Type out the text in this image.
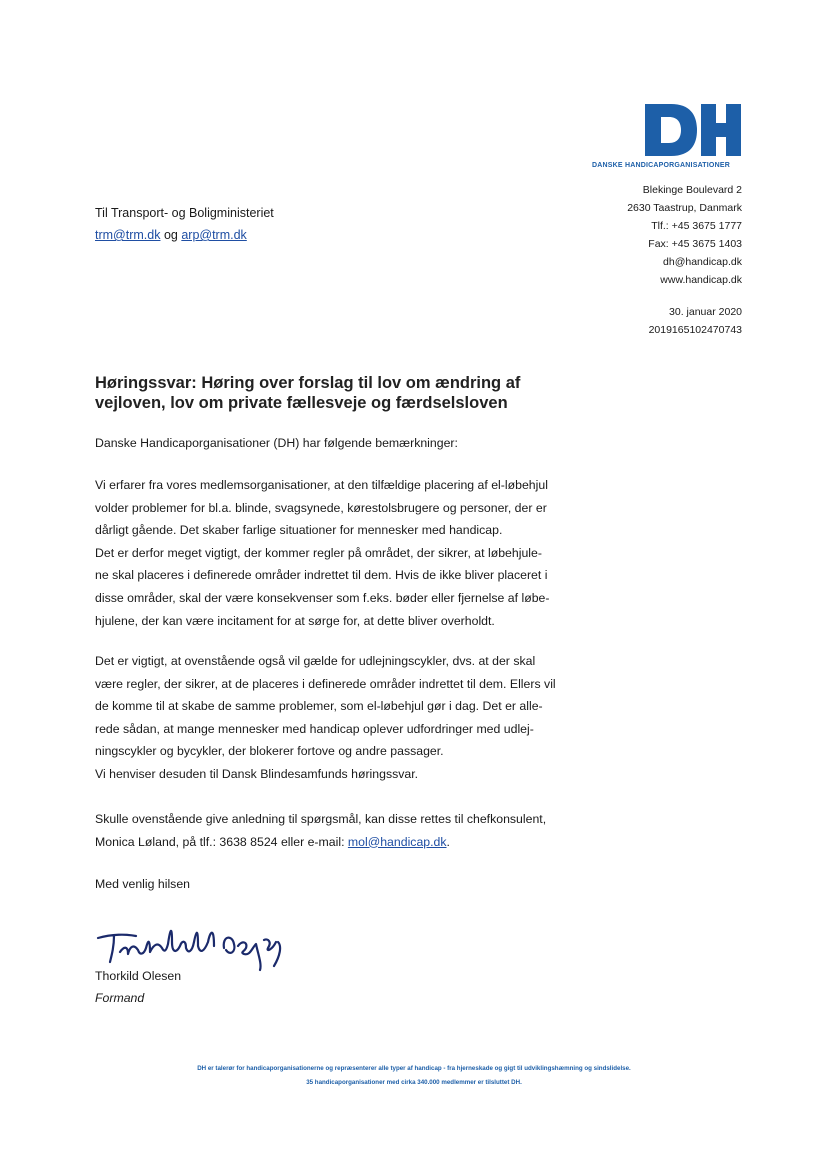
DANSKE HANDICAPORGANISATIONER
Blekinge Boulevard 2
2630 Taastrup, Danmark
Tlf.: +45 3675 1777
Fax: +45 3675 1403
dh@handicap.dk
www.handicap.dk
30. januar 2020
2019165102470743
Til Transport- og Boligministeriet
trm@trm.dk og arp@trm.dk
Høringssvar: Høring over forslag til lov om ændring af vejloven, lov om private fællesveje og færdselsloven
Danske Handicaporganisationer (DH) har følgende bemærkninger:
Vi erfarer fra vores medlemsorganisationer, at den tilfældige placering af el-løbehjul
volder problemer for bl.a. blinde, svagsynede, kørestolsbrugere og personer, der er
dårligt gående. Det skaber farlige situationer for mennesker med handicap.
Det er derfor meget vigtigt, der kommer regler på området, der sikrer, at løbehjule-
ne skal placeres i definerede områder indrettet til dem. Hvis de ikke bliver placeret i
disse områder, skal der være konsekvenser som f.eks. bøder eller fjernelse af løbe-
hjulene, der kan være incitament for at sørge for, at dette bliver overholdt.
Det er vigtigt, at ovenstående også vil gælde for udlejningscykler, dvs. at der skal
være regler, der sikrer, at de placeres i definerede områder indrettet til dem. Ellers vil
de komme til at skabe de samme problemer, som el-løbehjul gør i dag. Det er alle-
rede sådan, at mange mennesker med handicap oplever udfordringer med udlej-
ningscykler og bycykler, der blokerer fortove og andre passager.
Vi henviser desuden til Dansk Blindesamfunds høringssvar.
Skulle ovenstående give anledning til spørgsmål, kan disse rettes til chefkonsulent,
Monica Løland, på tlf.: 3638 8524 eller e-mail: mol@handicap.dk.
Med venlig hilsen
Thorkild Olesen
Formand
DH er talerør for handicaporganisationerne og repræsenterer alle typer af handicap - fra hjerneskade og gigt til udviklingshæmning og sindslidelse.
35 handicaporganisationer med cirka 340.000 medlemmer er tilsluttet DH.
